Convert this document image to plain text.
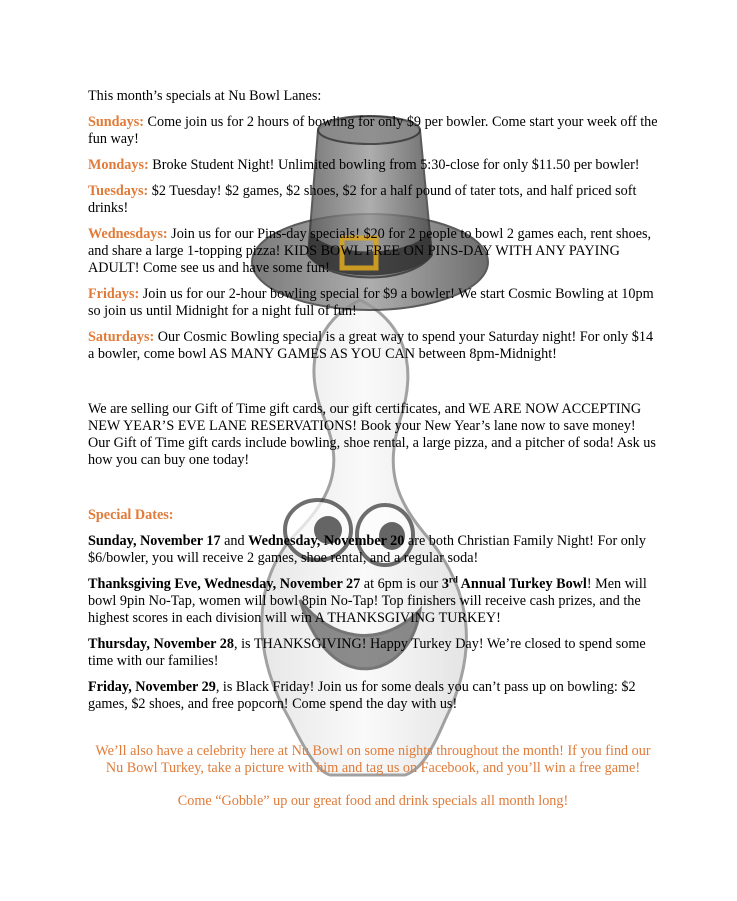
This month’s specials at Nu Bowl Lanes:

Sundays: Come join us for 2 hours of bowling for only $9 per bowler. Come start your week off the fun way!

Mondays: Broke Student Night! Unlimited bowling from 5:30-close for only $11.50 per bowler!

Tuesdays: $2 Tuesday! $2 games, $2 shoes, $2 for a half pound of tater tots, and half priced soft drinks!

Wednesdays: Join us for our Pins-day specials! $20 for 2 people to bowl 2 games each, rent shoes, and share a large 1-topping pizza! KIDS BOWL FREE ON PINS-DAY WITH ANY PAYING ADULT! Come see us and have some fun!

Fridays: Join us for our 2-hour bowling special for $9 a bowler! We start Cosmic Bowling at 10pm so join us until Midnight for a night full of fun!

Saturdays: Our Cosmic Bowling special is a great way to spend your Saturday night! For only $14 a bowler, come bowl AS MANY GAMES AS YOU CAN between 8pm-Midnight!

We are selling our Gift of Time gift cards, our gift certificates, and WE ARE NOW ACCEPTING NEW YEAR’S EVE LANE RESERVATIONS! Book your New Year’s lane now to save money! Our Gift of Time gift cards include bowling, shoe rental, a large pizza, and a pitcher of soda! Ask us how you can buy one today!

Special Dates:

Sunday, November 17 and Wednesday, November 20 are both Christian Family Night! For only $6/bowler, you will receive 2 games, shoe rental, and a regular soda!

Thanksgiving Eve, Wednesday, November 27 at 6pm is our 3rd Annual Turkey Bowl! Men will bowl 9pin No-Tap, women will bowl 8pin No-Tap! Top finishers will receive cash prizes, and the highest scores in each division will win A THANKSGIVING TURKEY!

Thursday, November 28, is THANKSGIVING! Happy Turkey Day! We’re closed to spend some time with our families!

Friday, November 29, is Black Friday! Join us for some deals you can’t pass up on bowling: $2 games, $2 shoes, and free popcorn! Come spend the day with us!

We’ll also have a celebrity here at Nu Bowl on some nights throughout the month! If you find our Nu Bowl Turkey, take a picture with him and tag us on Facebook, and you’ll win a free game!

Come “Gobble” up our great food and drink specials all month long!
